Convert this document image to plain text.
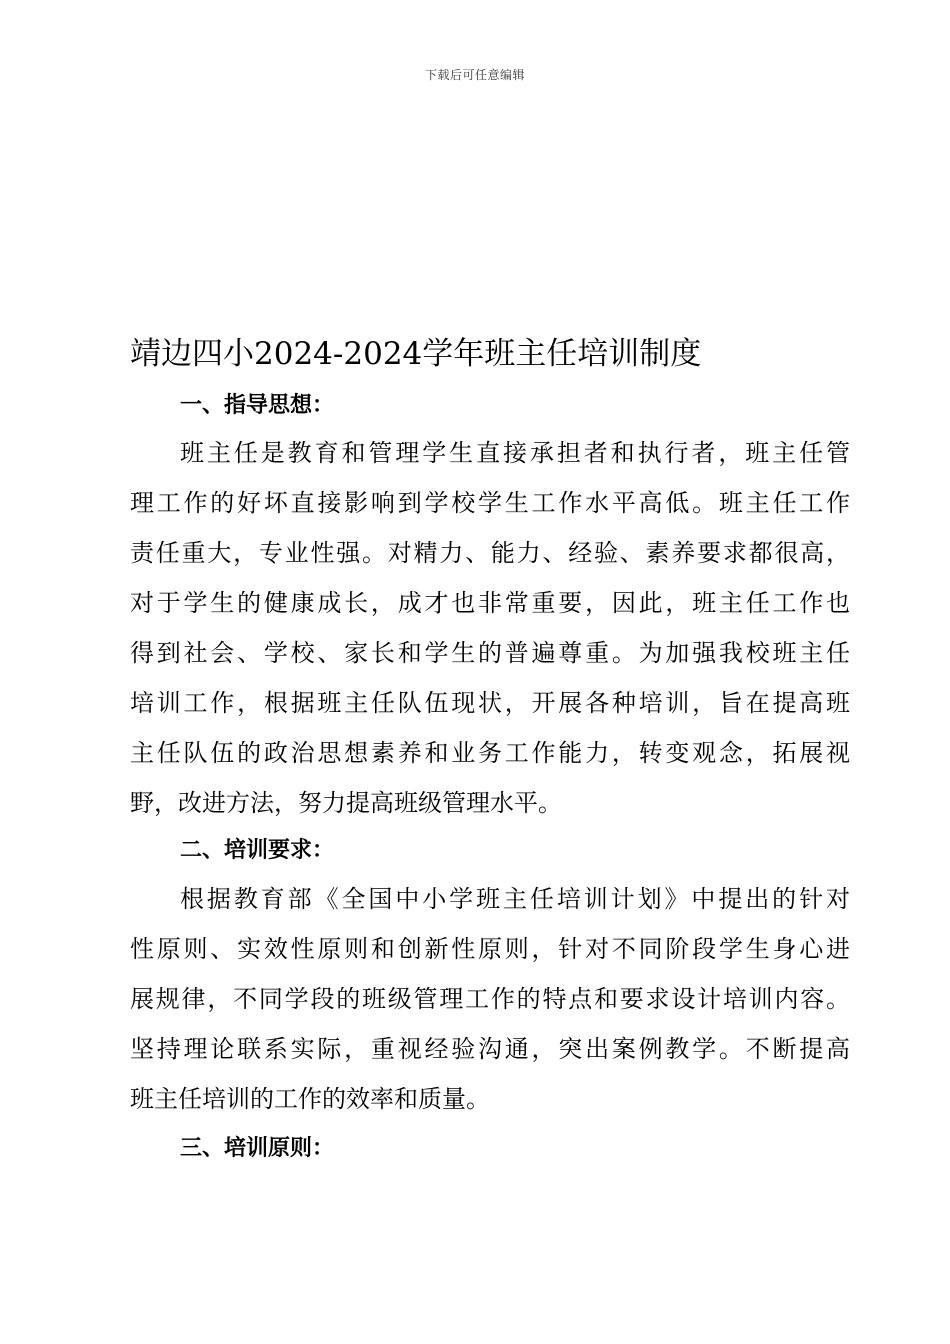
下载后可任意编辑
靖边四小2024-2024学年班主任培训制度
一、指导思想：
班主任是教育和管理学生直接承担者和执行者，班主任管
理工作的好坏直接影响到学校学生工作水平高低。班主任工作
责任重大，专业性强。对精力、能力、经验、素养要求都很高，
对于学生的健康成长，成才也非常重要，因此，班主任工作也
得到社会、学校、家长和学生的普遍尊重。为加强我校班主任
培训工作，根据班主任队伍现状，开展各种培训，旨在提高班
主任队伍的政治思想素养和业务工作能力，转变观念，拓展视
野，改进方法，努力提高班级管理水平。
二、培训要求：
根据教育部《全国中小学班主任培训计划》中提出的针对
性原则、实效性原则和创新性原则，针对不同阶段学生身心进
展规律，不同学段的班级管理工作的特点和要求设计培训内容。
坚持理论联系实际，重视经验沟通，突出案例教学。不断提高
班主任培训的工作的效率和质量。
三、培训原则：
